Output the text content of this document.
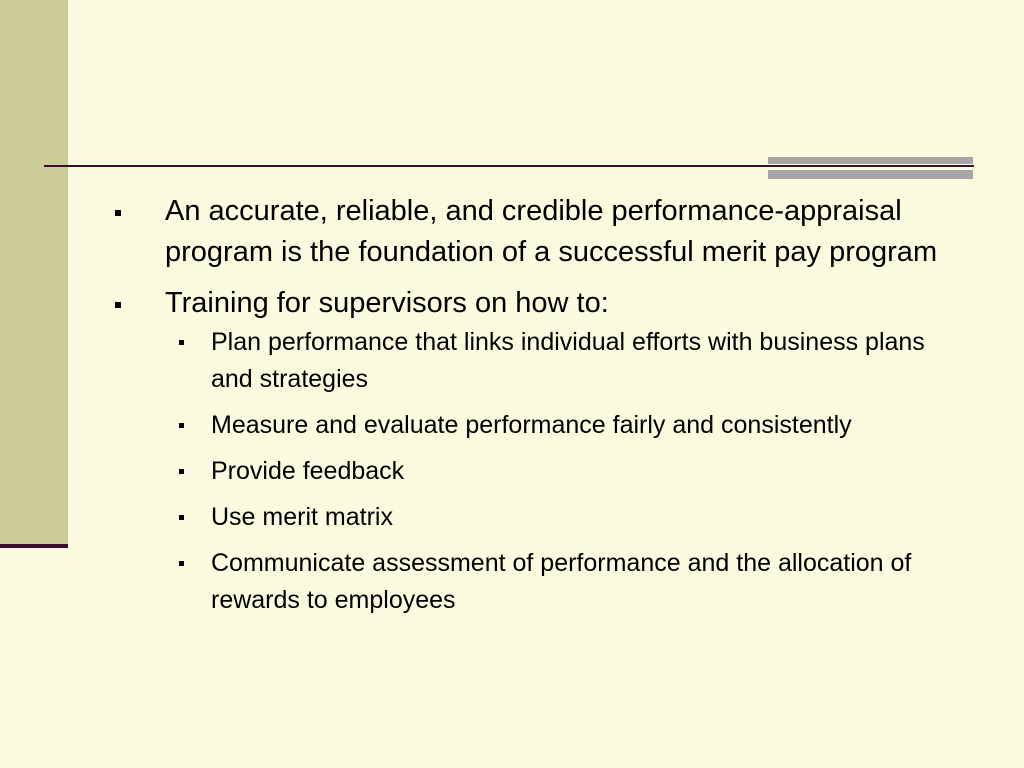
An accurate, reliable, and credible performance-appraisal program is the foundation of a successful merit pay program
Training for supervisors on how to:
Plan performance that links individual efforts with business plans and strategies
Measure and evaluate performance fairly and consistently
Provide feedback
Use merit matrix
Communicate assessment of performance and the allocation of rewards to employees
